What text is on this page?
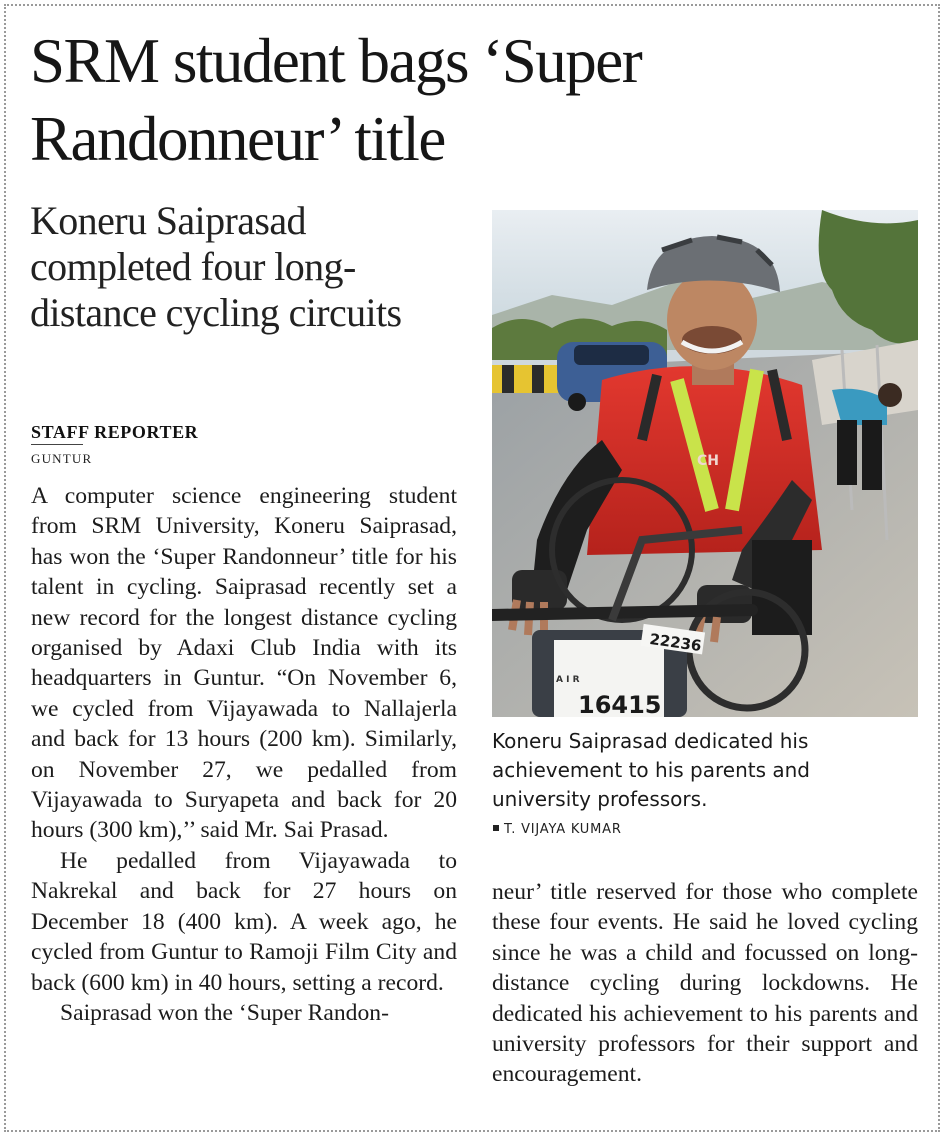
SRM student bags ‘Super Randonneur’ title
Koneru Saiprasad completed four long-distance cycling circuits
STAFF REPORTER
GUNTUR

A computer science engineering student from SRM University, Koneru Saiprasad, has won the ‘Super Randonneur’ title for his talent in cycling. Saiprasad recently set a new record for the longest distance cycling organised by Adaxi Club India with its headquarters in Guntur. “On November 6, we cycled from Vijayawada to Nallajerla and back for 13 hours (200 km). Similarly, on November 27, we pedalled from Vijayawada to Suryapeta and back for 20 hours (300 km),’’ said Mr. Sai Prasad.

He pedalled from Vijayawada to Nakrekal and back for 27 hours on December 18 (400 km). A week ago, he cycled from Guntur to Ramoji Film City and back (600 km) in 40 hours, setting a record.

Saiprasad won the ‘Super Randon-

CH
16415
A I R
22236
Koneru Saiprasad dedicated his achievement to his parents and university professors.
T. VIJAYA KUMAR

neur’ title reserved for those who complete these four events. He said he loved cycling since he was a child and focussed on long-distance cycling during lockdowns. He dedicated his achievement to his parents and university professors for their support and encouragement.
